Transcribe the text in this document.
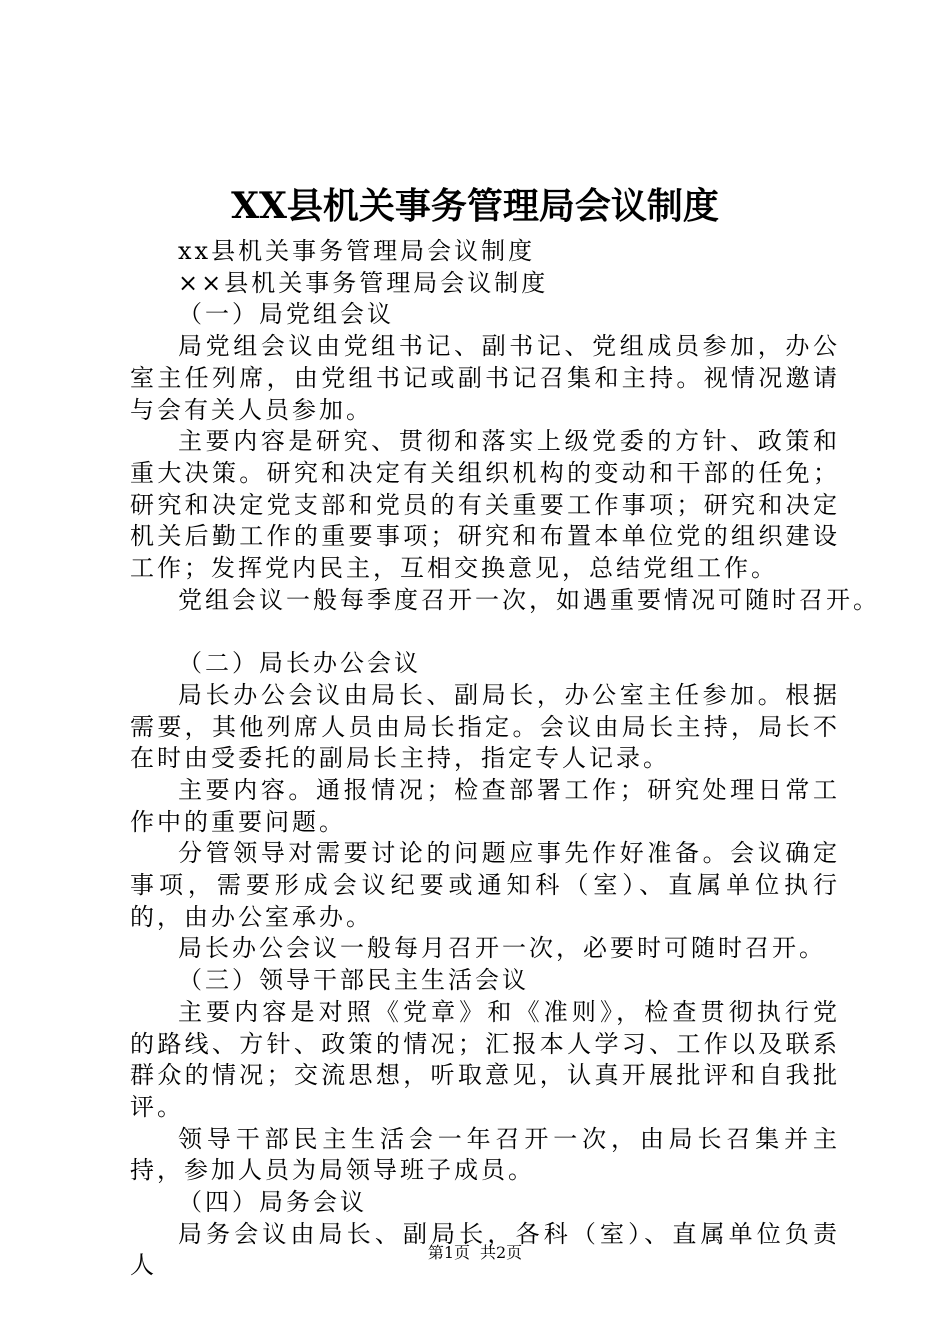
XX县机关事务管理局会议制度

xx县机关事务管理局会议制度

××县机关事务管理局会议制度

（一）局党组会议

局党组会议由党组书记、副书记、党组成员参加，办公室主任列席，由党组书记或副书记召集和主持。视情况邀请与会有关人员参加。

主要内容是研究、贯彻和落实上级党委的方针、政策和重大决策。研究和决定有关组织机构的变动和干部的任免；研究和决定党支部和党员的有关重要工作事项；研究和决定机关后勤工作的重要事项；研究和布置本单位党的组织建设工作；发挥党内民主，互相交换意见，总结党组工作。

党组会议一般每季度召开一次，如遇重要情况可随时召开。

（二）局长办公会议

局长办公会议由局长、副局长，办公室主任参加。根据需要，其他列席人员由局长指定。会议由局长主持，局长不在时由受委托的副局长主持，指定专人记录。

主要内容。通报情况；检查部署工作；研究处理日常工作中的重要问题。

分管领导对需要讨论的问题应事先作好准备。会议确定事项，需要形成会议纪要或通知科（室）、直属单位执行的，由办公室承办。

局长办公会议一般每月召开一次，必要时可随时召开。

（三）领导干部民主生活会议

主要内容是对照《党章》和《准则》，检查贯彻执行党的路线、方针、政策的情况；汇报本人学习、工作以及联系群众的情况；交流思想，听取意见，认真开展批评和自我批评。

领导干部民主生活会一年召开一次，由局长召集并主持，参加人员为局领导班子成员。

（四）局务会议

局务会议由局长、副局长，各科（室）、直属单位负责人	第1页 共2页
